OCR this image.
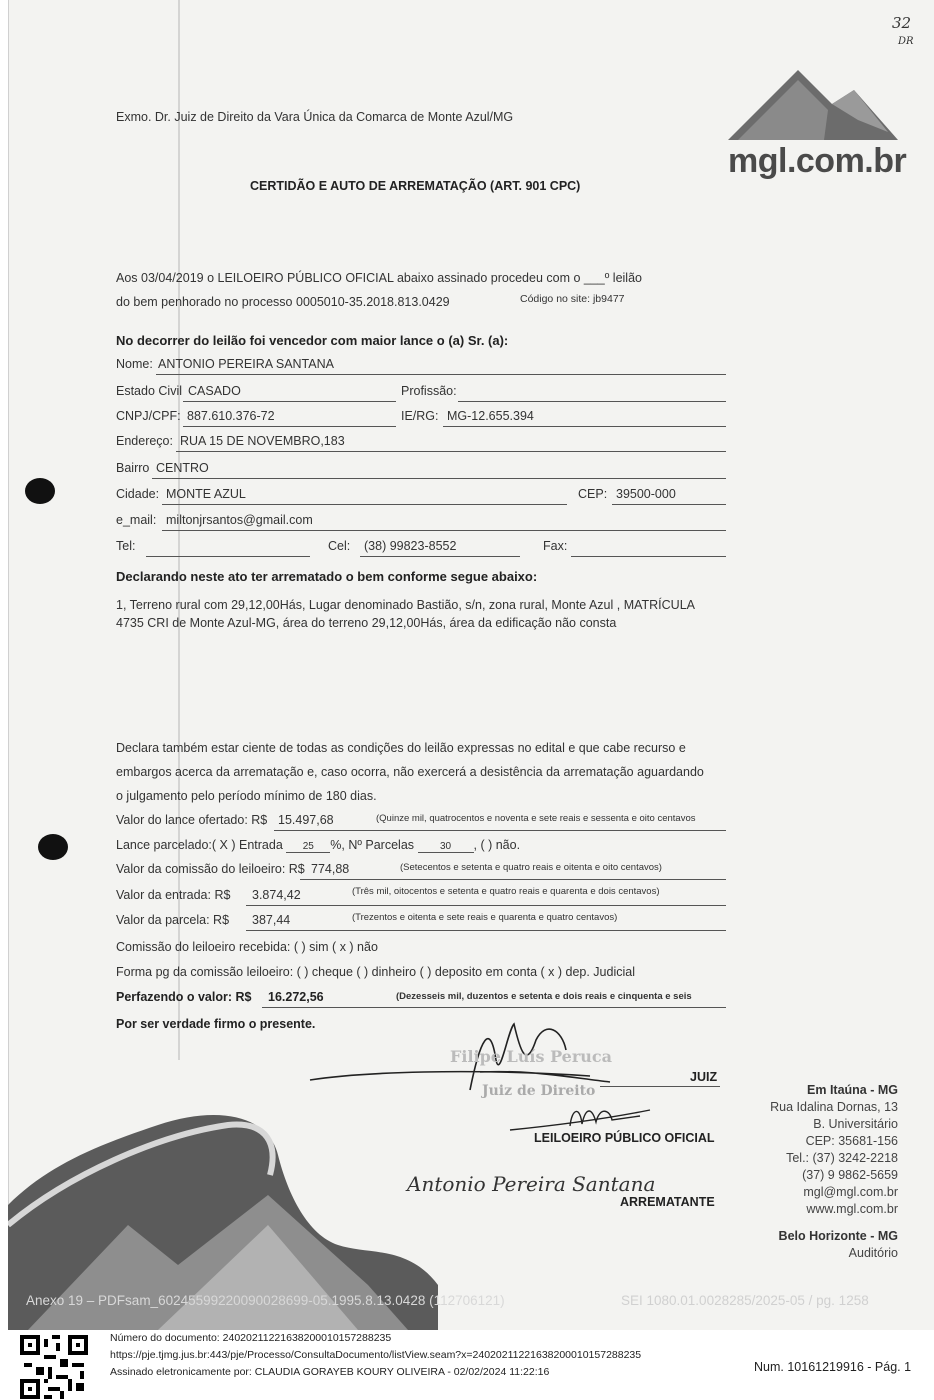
32
DR
mgl.com.br
Exmo. Dr. Juiz de Direito da Vara Única da Comarca de Monte Azul/MG
CERTIDÃO E AUTO DE ARREMATAÇÃO (ART. 901 CPC)
Aos 03/04/2019 o LEILOEIRO PÚBLICO OFICIAL abaixo assinado procedeu com o ___º leilão
do bem penhorado no processo 0005010-35.2018.813.0429	Código no site: jb9477
No decorrer do leilão foi vencedor com maior lance o (a) Sr. (a):
Nome: ANTONIO PEREIRA SANTANA
Estado Civil CASADO	Profissão:
CNPJ/CPF: 887.610.376-72	IE/RG: MG-12.655.394
Endereço: RUA 15 DE NOVEMBRO,183
Bairro CENTRO
Cidade: MONTE AZUL	CEP: 39500-000
e_mail: miltonjrsantos@gmail.com
Tel:	Cel: (38) 99823-8552	Fax:
Declarando neste ato ter arrematado o bem conforme segue abaixo:
1, Terreno rural com 29,12,00Hás, Lugar denominado Bastião, s/n, zona rural, Monte Azul , MATRÍCULA
4735 CRI de Monte Azul-MG, área do terreno 29,12,00Hás, área da edificação não consta
Declara também estar ciente de todas as condições do leilão expressas no edital e que cabe recurso e
embargos acerca da arrematação e, caso ocorra, não exercerá a desistência da arrematação aguardando
o julgamento pelo período mínimo de 180 dias.
Valor do lance ofertado: R$ 15.497,68	(Quinze mil, quatrocentos e noventa e sete reais e sessenta e oito centavos
Lance parcelado:( X ) Entrada 25 %, Nº Parcelas	30 , ( ) não.
Valor da comissão do leiloeiro: R$ 774,88	(Setecentos e setenta e quatro reais e oitenta e oito centavos)
Valor da entrada: R$ 3.874,42	(Três mil, oitocentos e setenta e quatro reais e quarenta e dois centavos)
Valor da parcela: R$ 387,44	(Trezentos e oitenta e sete reais e quarenta e quatro centavos)
Comissão do leiloeiro recebida: ( ) sim ( x ) não
Forma pg da comissão leiloeiro: ( ) cheque ( ) dinheiro ( ) deposito em conta ( x ) dep. Judicial
Perfazendo o valor: R$ 16.272,56	(Dezesseis mil, duzentos e setenta e dois reais e cinquenta e seis
Por ser verdade firmo o presente.
Filipe Luís Peruca
Juiz de Direito
JUIZ
LEILOEIRO PÚBLICO OFICIAL
Antonio Pereira Santana
ARREMATANTE
Em Itaúna - MG
Rua Idalina Dornas, 13
B. Universitário
CEP: 35681-156
Tel.: (37) 3242-2218
(37) 9 9862-5659
mgl@mgl.com.br
www.mgl.com.br
Belo Horizonte - MG
Auditório
Anexo 19 – PDFsam_60245599220090028699-05.1995.8.13.0428 (112706121)	SEI 1080.01.0028285/2025-05 / pg. 1258
Número do documento: 24020211221638200010157288235
https://pje.tjmg.jus.br:443/pje/Processo/ConsultaDocumento/listView.seam?x=24020211221638200010157288235
Assinado eletronicamente por: CLAUDIA GORAYEB KOURY OLIVEIRA - 02/02/2024 11:22:16	Num. 10161219916 - Pág. 1
